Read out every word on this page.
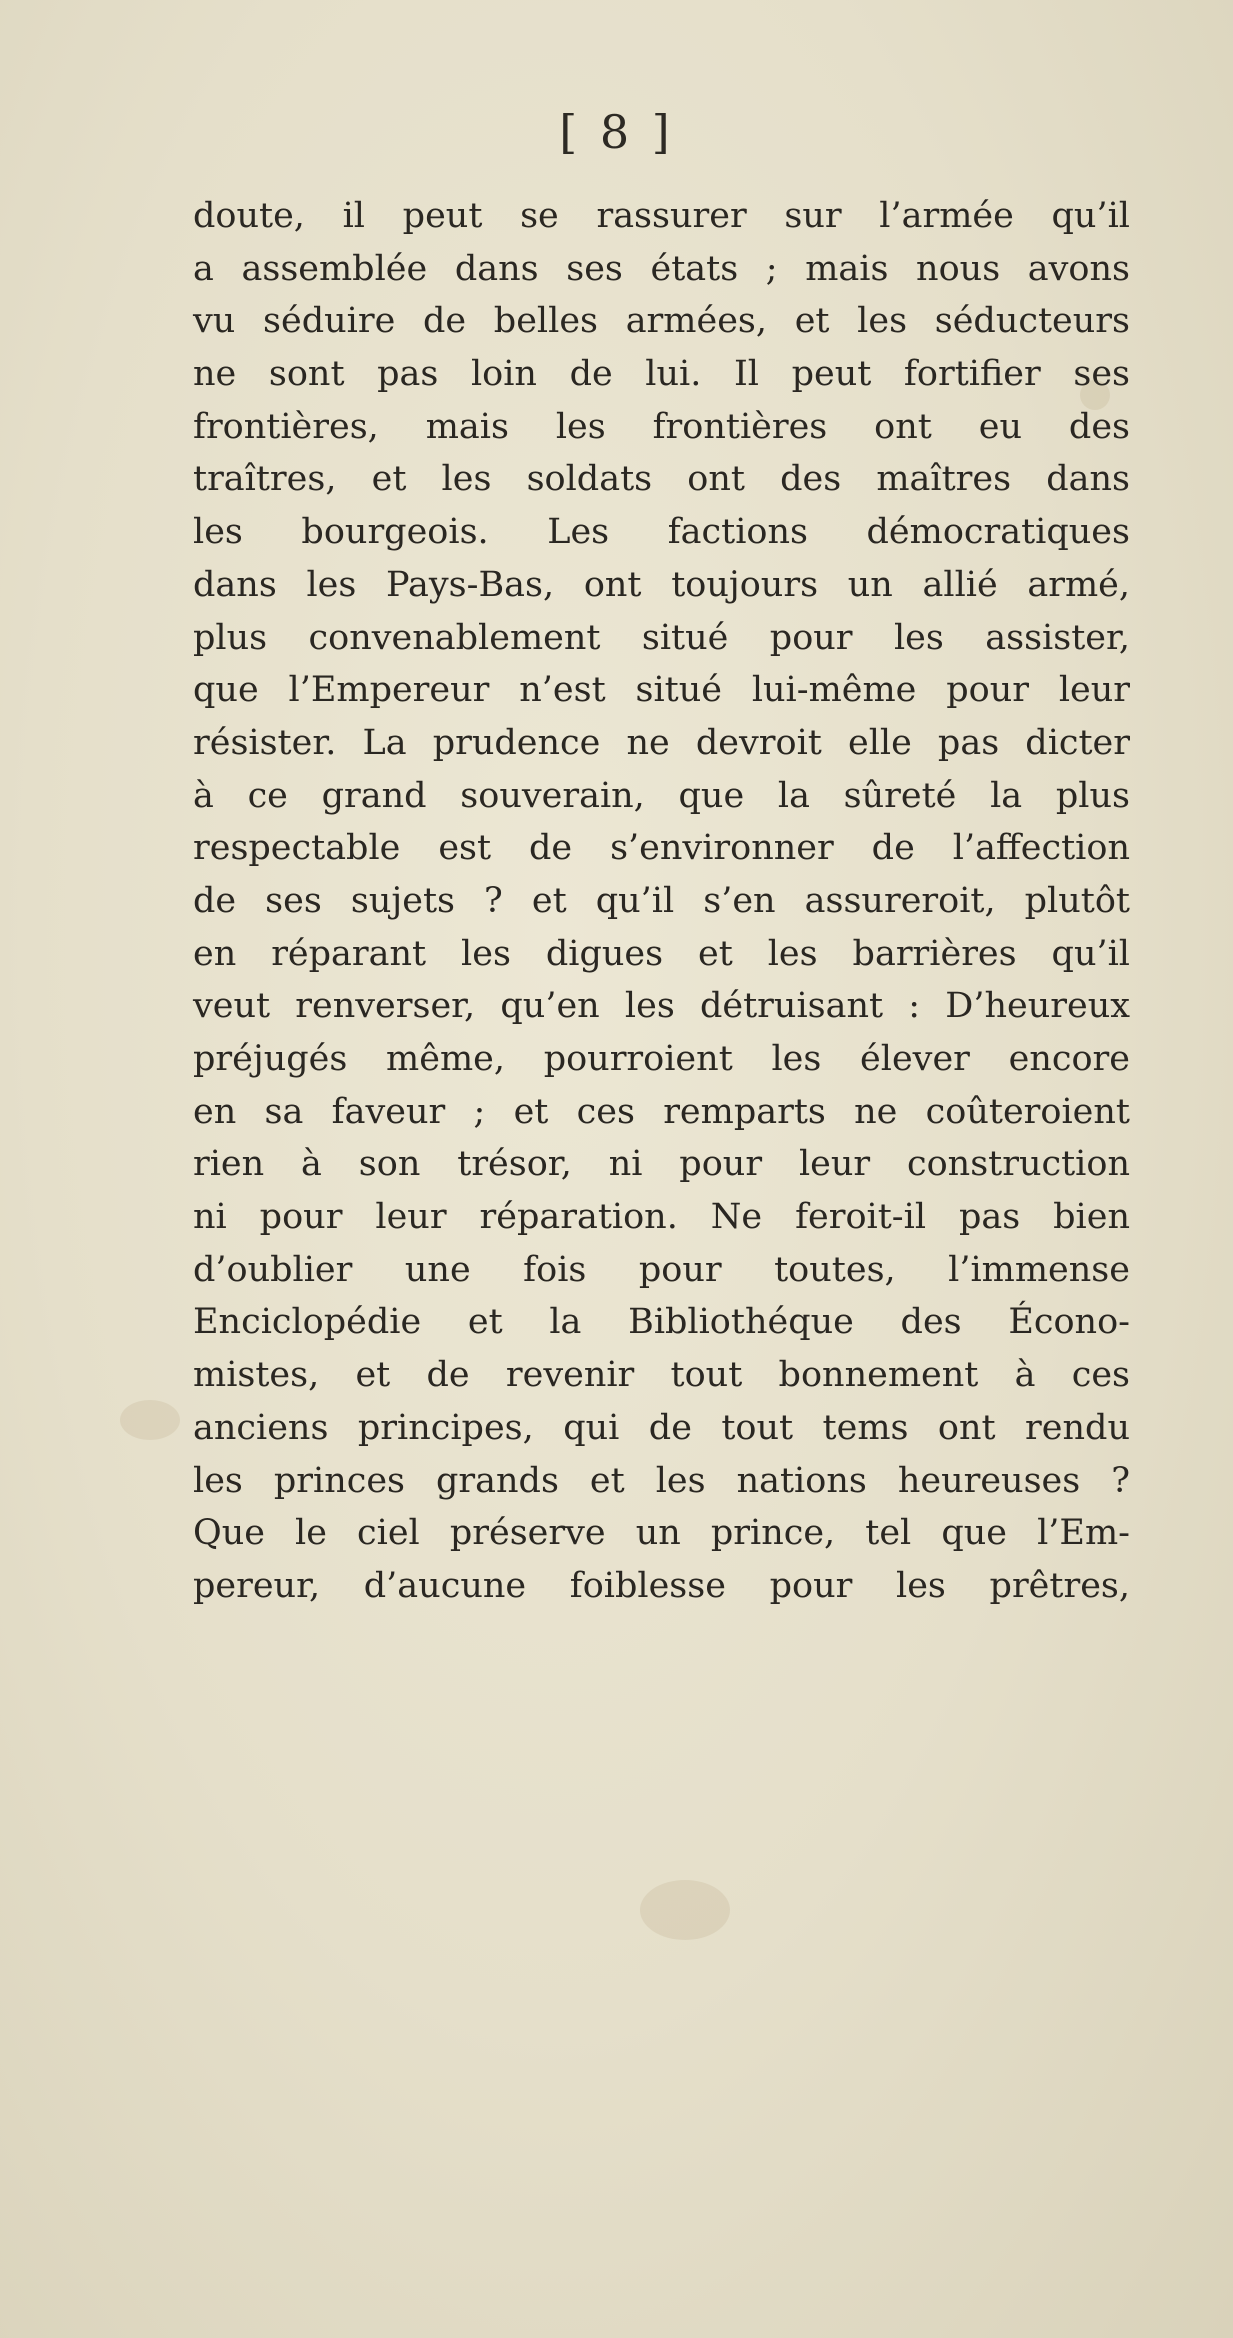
[ 8 ]
doute, il peut se rassurer sur l’armée qu’il
a assemblée dans ses états ; mais nous avons
vu séduire de belles armées, et les séducteurs
ne sont pas loin de lui. Il peut fortifier ses
frontières, mais les frontières ont eu des
traîtres, et les soldats ont des maîtres dans
les bourgeois. Les factions démocratiques
dans les Pays-Bas, ont toujours un allié armé,
plus convenablement situé pour les assister,
que l’Empereur n’est situé lui-même pour leur
résister. La prudence ne devroit elle pas dicter
à ce grand souverain, que la sûreté la plus
respectable est de s’environner de l’affection
de ses sujets ? et qu’il s’en assureroit, plutôt
en réparant les digues et les barrières qu’il
veut renverser, qu’en les détruisant : D’heureux
préjugés même, pourroient les élever encore
en sa faveur ; et ces remparts ne coûteroient
rien à son trésor, ni pour leur construction
ni pour leur réparation. Ne feroit-il pas bien
d’oublier une fois pour toutes, l’immense
Enciclopédie et la Bibliothéque des Écono-
mistes, et de revenir tout bonnement à ces
anciens principes, qui de tout tems ont rendu
les princes grands et les nations heureuses ?
Que le ciel préserve un prince, tel que l’Em-
pereur, d’aucune foiblesse pour les prêtres,
